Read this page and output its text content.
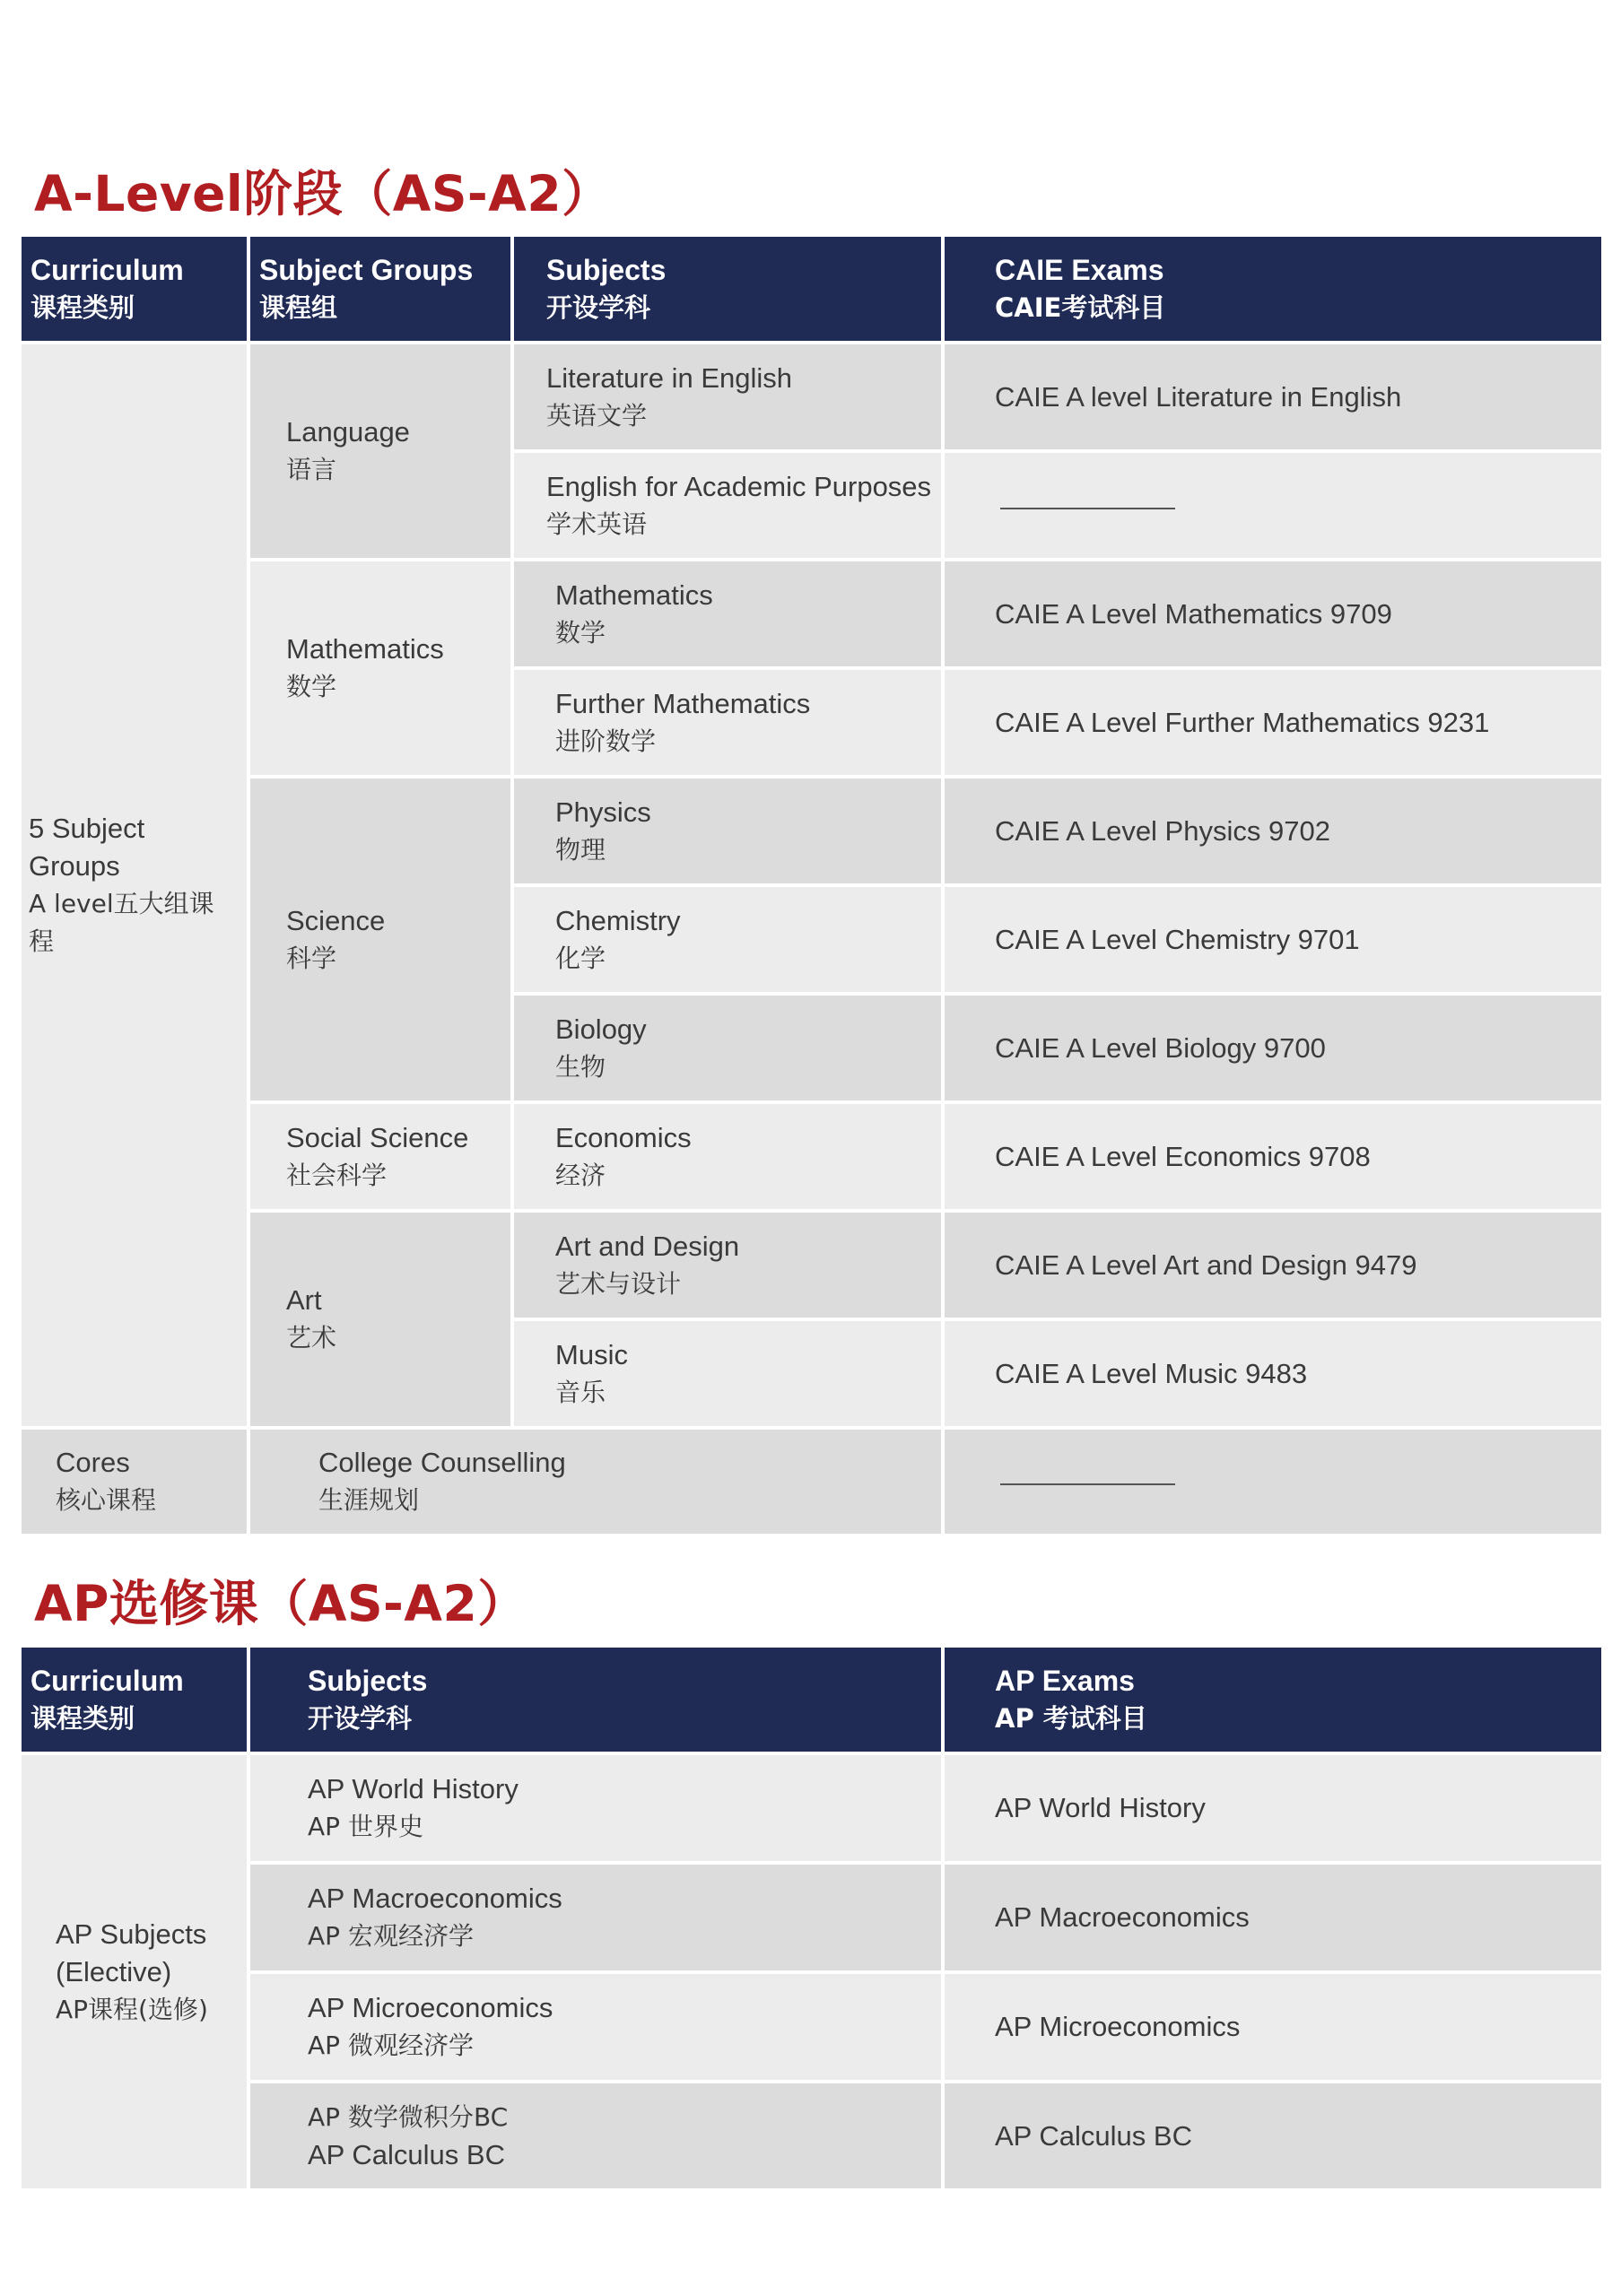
A-Level阶段（AS-A2）
Curriculum
课程类别
Subject Groups
课程组
Subjects
开设学科
CAIE Exams
CAIE考试科目
5 Subject Groups
A level五大组课程
Language
语言
Mathematics
数学
Science
科学
Social Science
社会科学
Art
艺术
Literature in English
英语文学
CAIE A level Literature in English
English for Academic Purposes
学术英语
Mathematics
数学
CAIE A Level Mathematics 9709
Further Mathematics
进阶数学
CAIE A Level Further Mathematics 9231
Physics
物理
CAIE A Level Physics 9702
Chemistry
化学
CAIE A Level Chemistry 9701
Biology
生物
CAIE A Level Biology 9700
Economics
经济
CAIE A Level Economics 9708
Art and Design
艺术与设计
CAIE A Level Art and Design 9479
Music
音乐
CAIE A Level Music 9483
Cores
核心课程
College Counselling
生涯规划
AP选修课（AS-A2）
Curriculum
课程类别
Subjects
开设学科
AP Exams
AP 考试科目
AP Subjects
(Elective)
AP课程(选修)
AP World History
AP 世界史
AP World History
AP Macroeconomics
AP 宏观经济学
AP Macroeconomics
AP Microeconomics
AP 微观经济学
AP Microeconomics
AP 数学微积分BC
AP Calculus BC
AP Calculus BC
